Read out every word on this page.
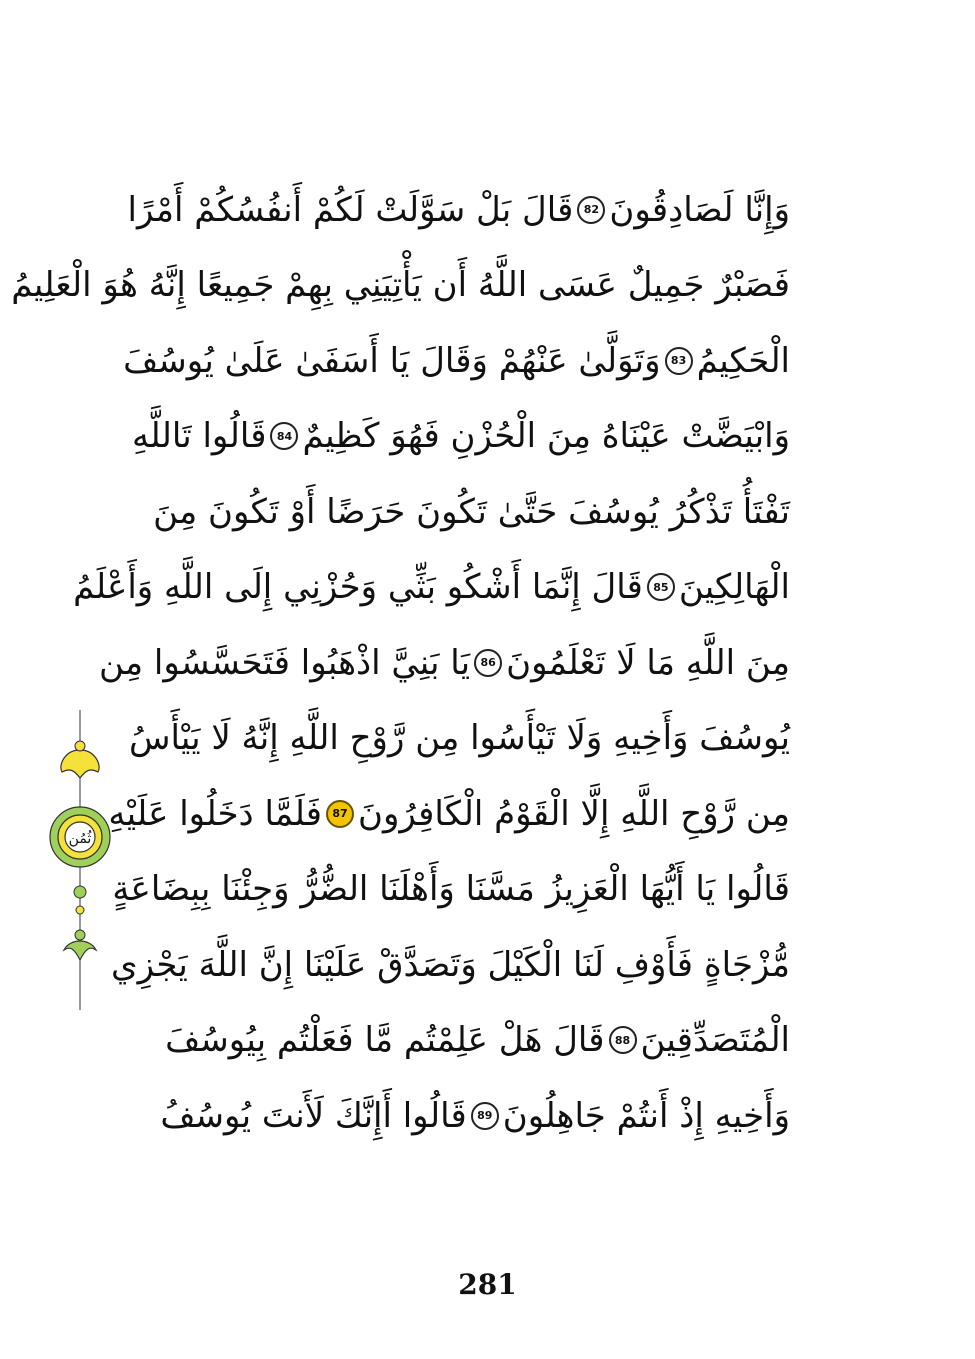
وَإِنَّا لَصَادِقُونَ
82
قَالَ بَلْ سَوَّلَتْ لَكُمْ أَنفُسُكُمْ أَمْرًا
فَصَبْرٌ جَمِيلٌ عَسَى اللَّهُ أَن يَأْتِيَنِي بِهِمْ جَمِيعًا إِنَّهُ هُوَ الْعَلِيمُ
الْحَكِيمُ
83
وَتَوَلَّىٰ عَنْهُمْ وَقَالَ يَا أَسَفَىٰ عَلَىٰ يُوسُفَ
وَابْيَضَّتْ عَيْنَاهُ مِنَ الْحُزْنِ فَهُوَ كَظِيمٌ
84
قَالُوا تَاللَّهِ
تَفْتَأُ تَذْكُرُ يُوسُفَ حَتَّىٰ تَكُونَ حَرَضًا أَوْ تَكُونَ مِنَ
الْهَالِكِينَ
85
قَالَ إِنَّمَا أَشْكُو بَثِّي وَحُزْنِي إِلَى اللَّهِ وَأَعْلَمُ
مِنَ اللَّهِ مَا لَا تَعْلَمُونَ
86
يَا بَنِيَّ اذْهَبُوا فَتَحَسَّسُوا مِن
يُوسُفَ وَأَخِيهِ وَلَا تَيْأَسُوا مِن رَّوْحِ اللَّهِ إِنَّهُ لَا يَيْأَسُ
مِن رَّوْحِ اللَّهِ إِلَّا الْقَوْمُ الْكَافِرُونَ
87
فَلَمَّا دَخَلُوا عَلَيْهِ
قَالُوا يَا أَيُّهَا الْعَزِيزُ مَسَّنَا وَأَهْلَنَا الضُّرُّ وَجِئْنَا بِبِضَاعَةٍ
مُّزْجَاةٍ فَأَوْفِ لَنَا الْكَيْلَ وَتَصَدَّقْ عَلَيْنَا إِنَّ اللَّهَ يَجْزِي
الْمُتَصَدِّقِينَ
88
قَالَ هَلْ عَلِمْتُم مَّا فَعَلْتُم بِيُوسُفَ
وَأَخِيهِ إِذْ أَنتُمْ جَاهِلُونَ
89
قَالُوا أَإِنَّكَ لَأَنتَ يُوسُفُ
ثُمُن
281
